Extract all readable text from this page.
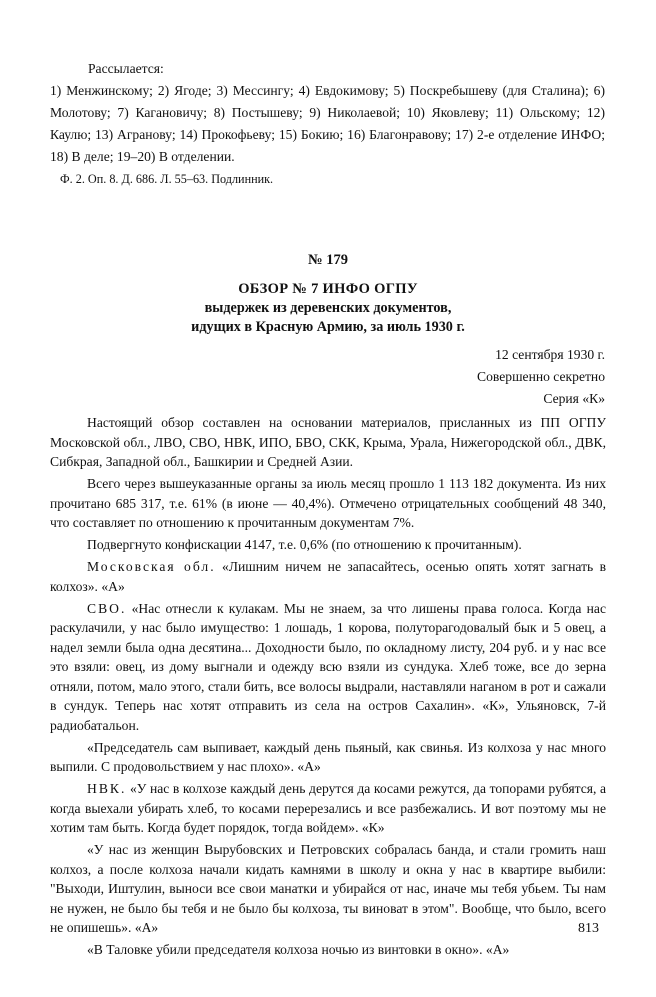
Рассылается:

1) Менжинскому; 2) Ягоде; 3) Мессингу; 4) Евдокимову; 5) Поскребышеву (для Сталина); 6) Молотову; 7) Кагановичу; 8) Постышеву; 9) Николаевой; 10) Яковлеву; 11) Ольскому; 12) Каулю; 13) Агранову; 14) Прокофьеву; 15) Бокию; 16) Благонравову; 17) 2-е отделение ИНФО; 18) В деле; 19–20) В отделении.

Ф. 2. Оп. 8. Д. 686. Л. 55–63. Подлинник.
№ 179
ОБЗОР № 7 ИНФО ОГПУ
выдержек из деревенских документов,
идущих в Красную Армию, за июль 1930 г.
12 сентября 1930 г.
Совершенно секретно
Серия «К»

Настоящий обзор составлен на основании материалов, присланных из ПП ОГПУ Московской обл., ЛВО, СВО, НВК, ИПО, БВО, СКК, Крыма, Урала, Нижегородской обл., ДВК, Сибкрая, Западной обл., Башкирии и Средней Азии.

Всего через вышеуказанные органы за июль месяц прошло 1 113 182 документа. Из них прочитано 685 317, т.е. 61% (в июне — 40,4%). Отмечено отрицательных сообщений 48 340, что составляет по отношению к прочитанным документам 7%.

Подвергнуто конфискации 4147, т.е. 0,6% (по отношению к прочитанным).

Московская обл. «Лишним ничем не запасайтесь, осенью опять хотят загнать в колхоз». «А»

СВО. «Нас отнесли к кулакам. Мы не знаем, за что лишены права голоса. Когда нас раскулачили, у нас было имущество: 1 лошадь, 1 корова, полуторагодовалый бык и 5 овец, а надел земли была одна десятина... Доходности было, по окладному листу, 204 руб. и у нас все это взяли: овец, из дому выгнали и одежду всю взяли из сундука. Хлеб тоже, все до зерна отняли, потом, мало этого, стали бить, все волосы выдрали, наставляли наганом в рот и сажали в сундук. Теперь нас хотят отправить из села на остров Сахалин». «К», Ульяновск, 7-й радиобатальон.

«Председатель сам выпивает, каждый день пьяный, как свинья. Из колхоза у нас много выпили. С продовольствием у нас плохо». «А»

НВК. «У нас в колхозе каждый день дерутся да косами режутся, да топорами рубятся, а когда выехали убирать хлеб, то косами перерезались и все разбежались. И вот поэтому мы не хотим там быть. Когда будет порядок, тогда войдем». «К»

«У нас из женщин Вырубовских и Петровских собралась банда, и стали громить наш колхоз, а после колхоза начали кидать камнями в школу и окна у нас в квартире выбили: "Выходи, Иштулин, выноси все свои манатки и убирайся от нас, иначе мы тебя убьем. Ты нам не нужен, не было бы тебя и не было бы колхоза, ты виноват в этом". Вообще, что было, всего не опишешь». «А»

«В Таловке убили председателя колхоза ночью из винтовки в окно». «А»

813
